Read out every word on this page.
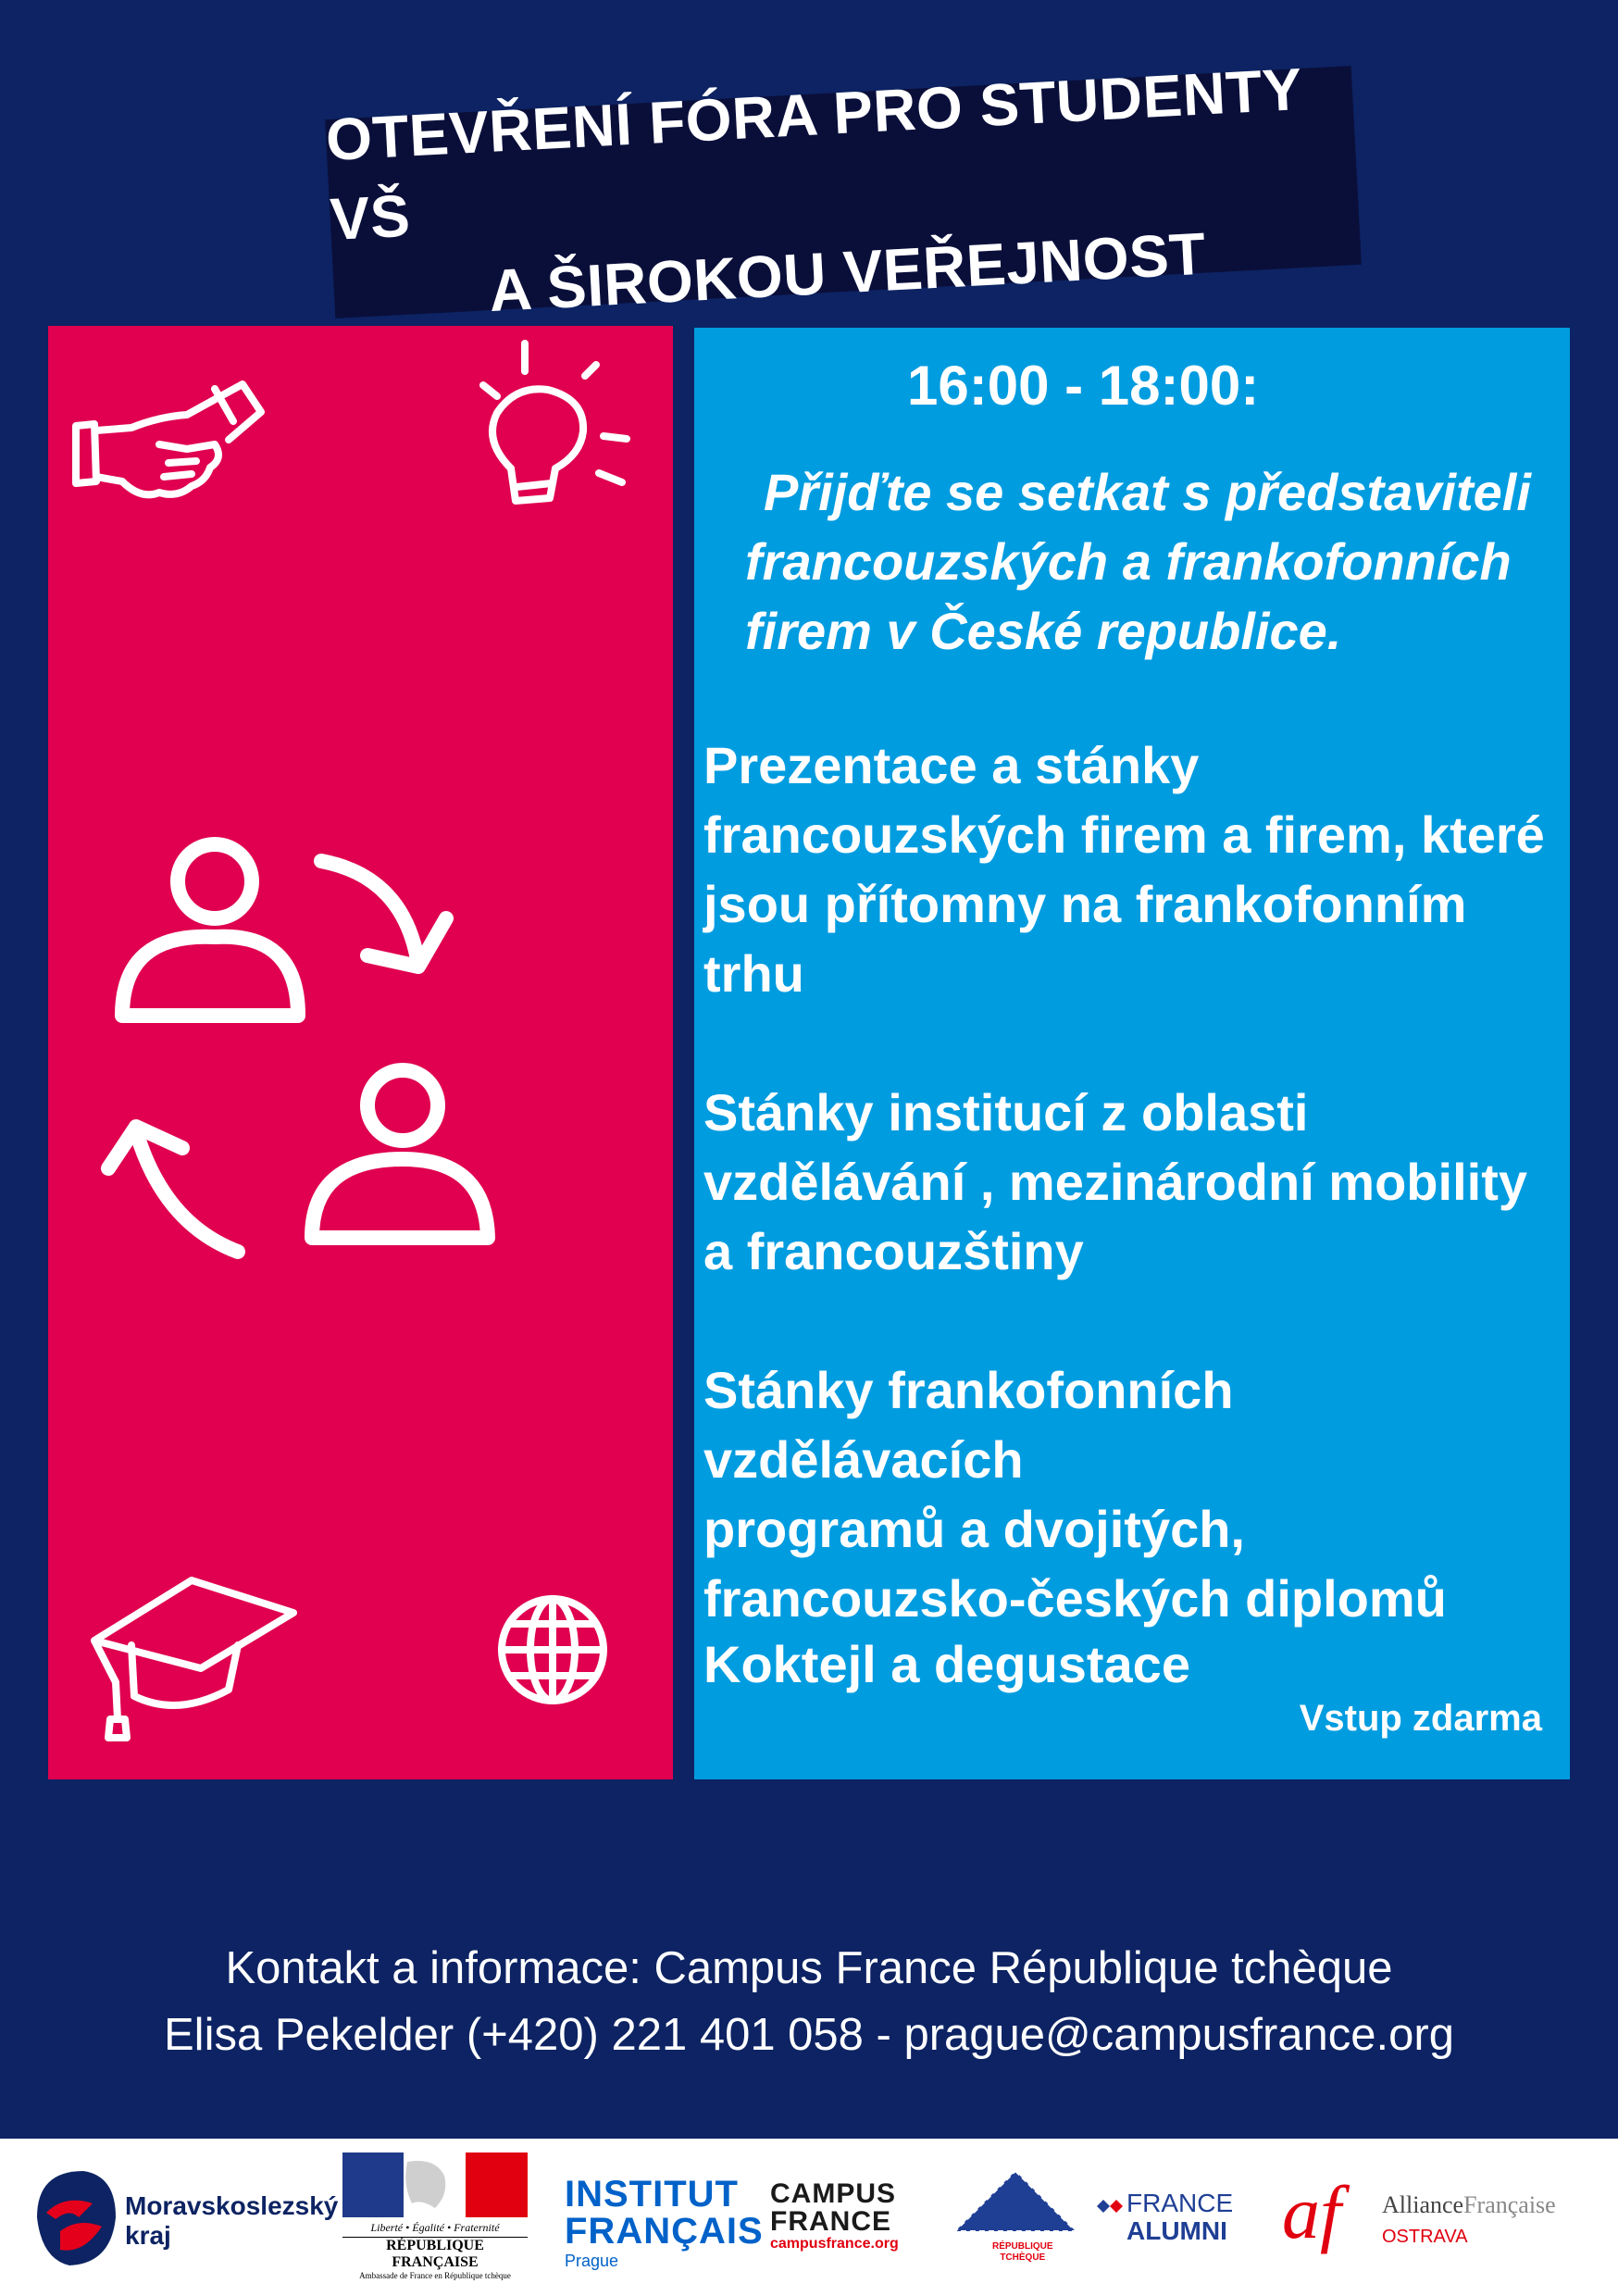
OTEVŘENÍ FÓRA PRO STUDENTY VŠ
A ŠIROKOU VEŘEJNOST
16:00 - 18:00:
Přijďte se setkat s představiteli
francouzských a frankofonních
firem v České republice.
Prezentace a stánky
francouzských firem a firem, které
jsou přítomny na frankofonním
trhu
Stánky institucí z oblasti
vzdělávání , mezinárodní mobility
a francouzštiny
Stánky frankofonních vzdělávacích
programů a dvojitých,
francouzsko-českých diplomů
Koktejl a degustace
Vstup zdarma
Kontakt a informace: Campus France République tchèque
Elisa Pekelder (+420) 221 401 058 - prague@campusfrance.org
Moravskoslezský
kraj	Liberté • Égalité • Fraternité
RÉPUBLIQUE FRANÇAISE
Ambassade de France en République tchèque
INSTITUT
FRANÇAIS
Prague
CAMPUS
FRANCE
campusfrance.org	RÉPUBLIQUE
TCHÈQUE
FRANCE
ALUMNI af AllianceFrançaise
OSTRAVA
